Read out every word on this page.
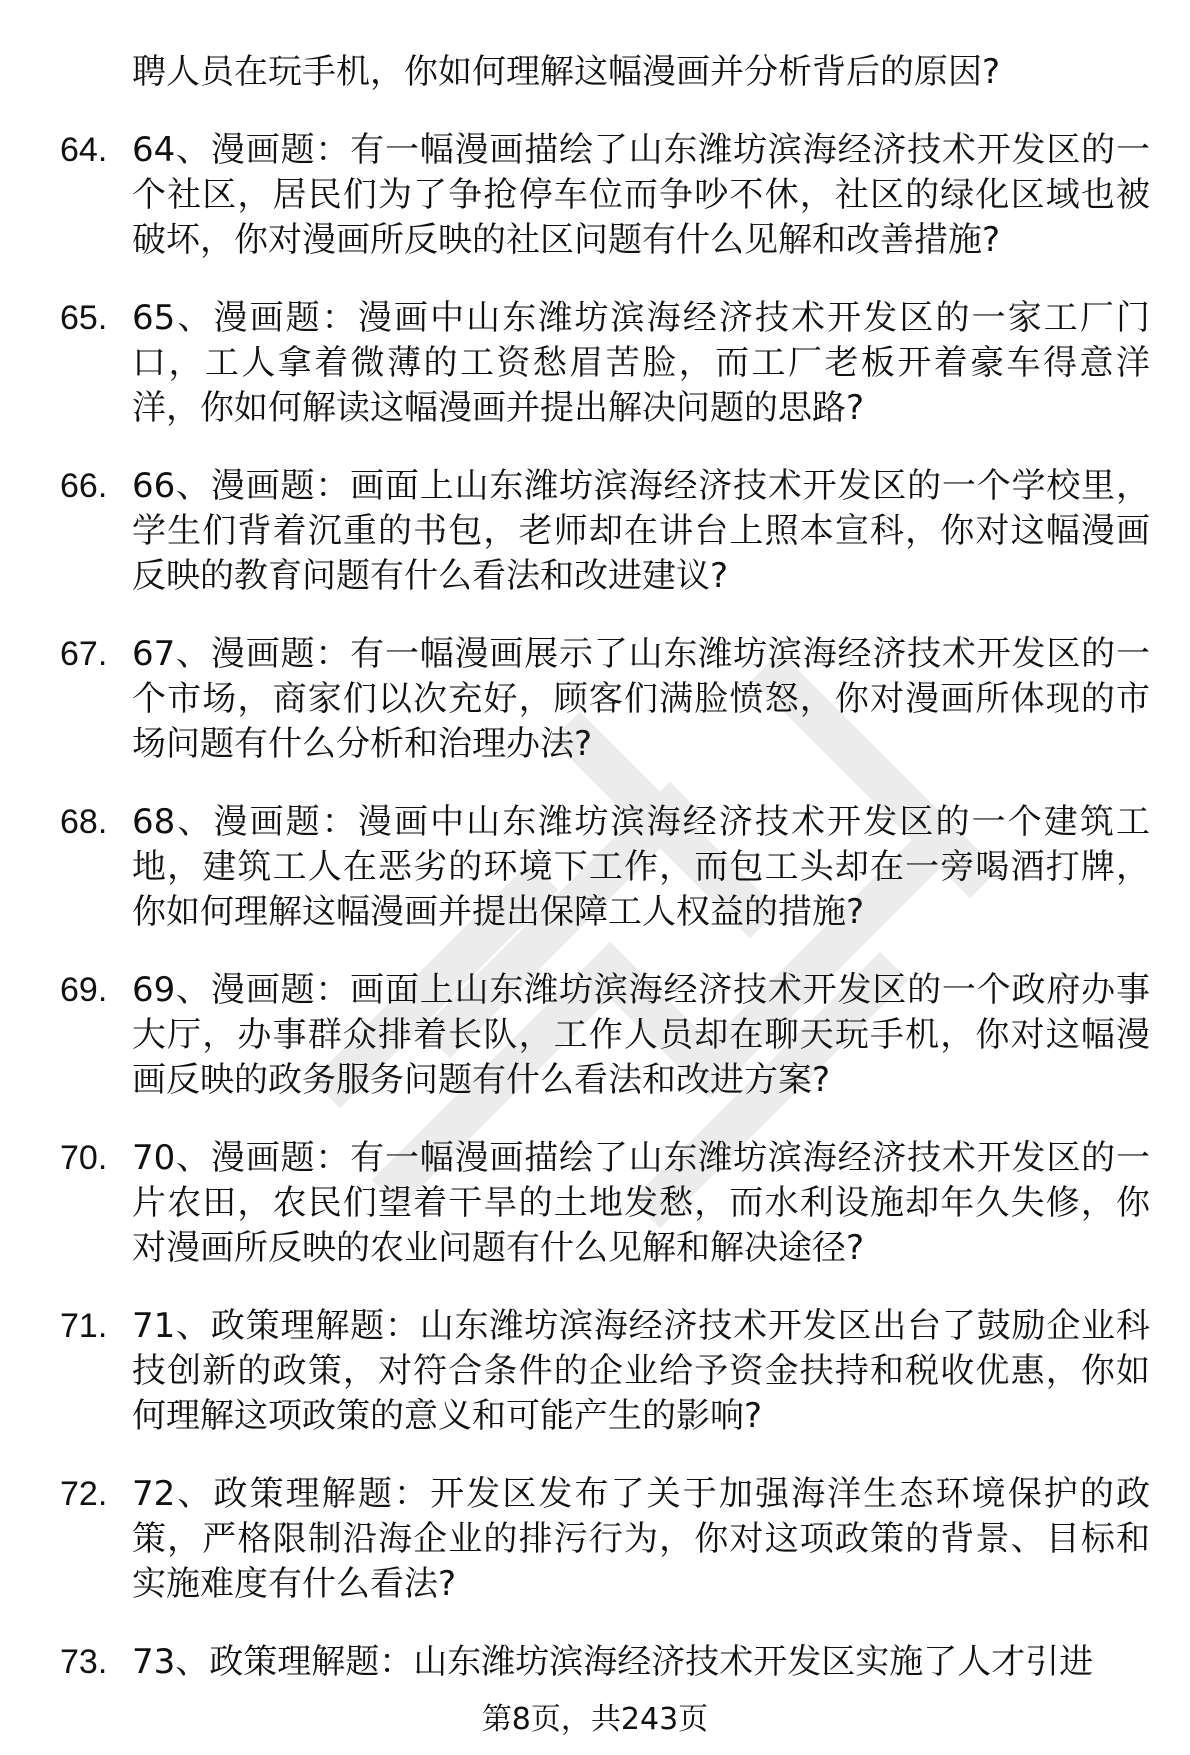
聘人员在玩手机，你如何理解这幅漫画并分析背后的原因?
64. 64、漫画题：有一幅漫画描绘了山东潍坊滨海经济技术开发区的一个社区，居民们为了争抢停车位而争吵不休，社区的绿化区域也被破坏，你对漫画所反映的社区问题有什么见解和改善措施?
65. 65、漫画题：漫画中山东潍坊滨海经济技术开发区的一家工厂门口，工人拿着微薄的工资愁眉苦脸，而工厂老板开着豪车得意洋洋，你如何解读这幅漫画并提出解决问题的思路?
66. 66、漫画题：画面上山东潍坊滨海经济技术开发区的一个学校里，学生们背着沉重的书包，老师却在讲台上照本宣科，你对这幅漫画反映的教育问题有什么看法和改进建议?
67. 67、漫画题：有一幅漫画展示了山东潍坊滨海经济技术开发区的一个市场，商家们以次充好，顾客们满脸愤怒，你对漫画所体现的市场问题有什么分析和治理办法?
68. 68、漫画题：漫画中山东潍坊滨海经济技术开发区的一个建筑工地，建筑工人在恶劣的环境下工作，而包工头却在一旁喝酒打牌，你如何理解这幅漫画并提出保障工人权益的措施?
69. 69、漫画题：画面上山东潍坊滨海经济技术开发区的一个政府办事大厅，办事群众排着长队，工作人员却在聊天玩手机，你对这幅漫画反映的政务服务问题有什么看法和改进方案?
70. 70、漫画题：有一幅漫画描绘了山东潍坊滨海经济技术开发区的一片农田，农民们望着干旱的土地发愁，而水利设施却年久失修，你对漫画所反映的农业问题有什么见解和解决途径?
71. 71、政策理解题：山东潍坊滨海经济技术开发区出台了鼓励企业科技创新的政策，对符合条件的企业给予资金扶持和税收优惠，你如何理解这项政策的意义和可能产生的影响?
72. 72、政策理解题：开发区发布了关于加强海洋生态环境保护的政策，严格限制沿海企业的排污行为，你对这项政策的背景、目标和实施难度有什么看法?
73. 73、政策理解题：山东潍坊滨海经济技术开发区实施了人才引进
第8页，共243页
